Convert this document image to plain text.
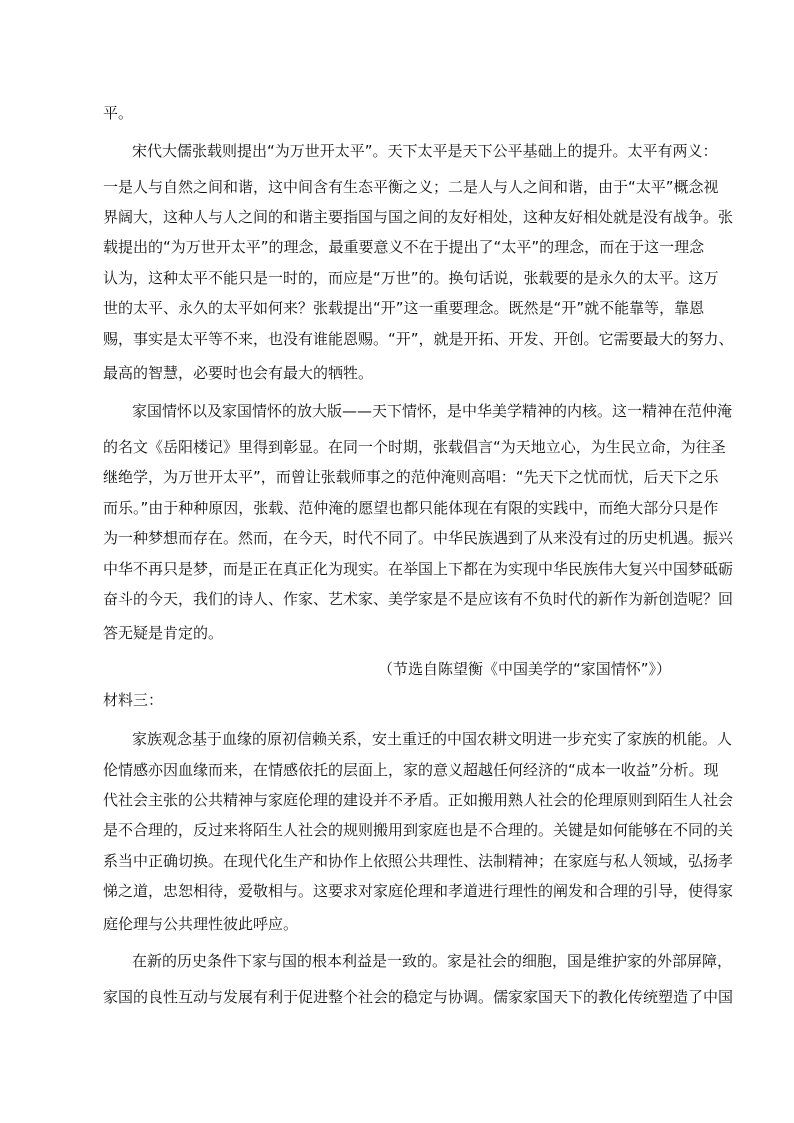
平。
宋代大儒张载则提出“为万世开太平”。天下太平是天下公平基础上的提升。太平有两义：
一是人与自然之间和谐，这中间含有生态平衡之义；二是人与人之间和谐，由于“太平”概念视
界阔大，这种人与人之间的和谐主要指国与国之间的友好相处，这种友好相处就是没有战争。张
载提出的“为万世开太平”的理念，最重要意义不在于提出了“太平”的理念，而在于这一理念
认为，这种太平不能只是一时的，而应是“万世”的。换句话说，张载要的是永久的太平。这万
世的太平、永久的太平如何来？张载提出“开”这一重要理念。既然是“开”就不能靠等，靠恩
赐，事实是太平等不来，也没有谁能恩赐。“开”，就是开拓、开发、开创。它需要最大的努力、
最高的智慧，必要时也会有最大的牺牲。
家国情怀以及家国情怀的放大版——天下情怀，是中华美学精神的内核。这一精神在范仲淹
的名文《岳阳楼记》里得到彰显。在同一个时期，张载倡言“为天地立心，为生民立命，为往圣
继绝学，为万世开太平”，而曾让张载师事之的范仲淹则高唱：“先天下之忧而忧，后天下之乐
而乐。”由于种种原因，张载、范仲淹的愿望也都只能体现在有限的实践中，而绝大部分只是作
为一种梦想而存在。然而，在今天，时代不同了。中华民族遇到了从来没有过的历史机遇。振兴
中华不再只是梦，而是正在真正化为现实。在举国上下都在为实现中华民族伟大复兴中国梦砥砺
奋斗的今天，我们的诗人、作家、艺术家、美学家是不是应该有不负时代的新作为新创造呢？回
答无疑是肯定的。
（节选自陈望衡《中国美学的“家国情怀”》）
材料三：
家族观念基于血缘的原初信赖关系，安土重迁的中国农耕文明进一步充实了家族的机能。人
伦情感亦因血缘而来，在情感依托的层面上，家的意义超越任何经济的“成本一收益”分析。现
代社会主张的公共精神与家庭伦理的建设并不矛盾。正如搬用熟人社会的伦理原则到陌生人社会
是不合理的，反过来将陌生人社会的规则搬用到家庭也是不合理的。关键是如何能够在不同的关
系当中正确切换。在现代化生产和协作上依照公共理性、法制精神；在家庭与私人领域，弘扬孝
悌之道，忠恕相待，爱敬相与。这要求对家庭伦理和孝道进行理性的阐发和合理的引导，使得家
庭伦理与公共理性彼此呼应。
在新的历史条件下家与国的根本利益是一致的。家是社会的细胞，国是维护家的外部屏障，
家国的良性互动与发展有利于促进整个社会的稳定与协调。儒家家国天下的教化传统塑造了中国
